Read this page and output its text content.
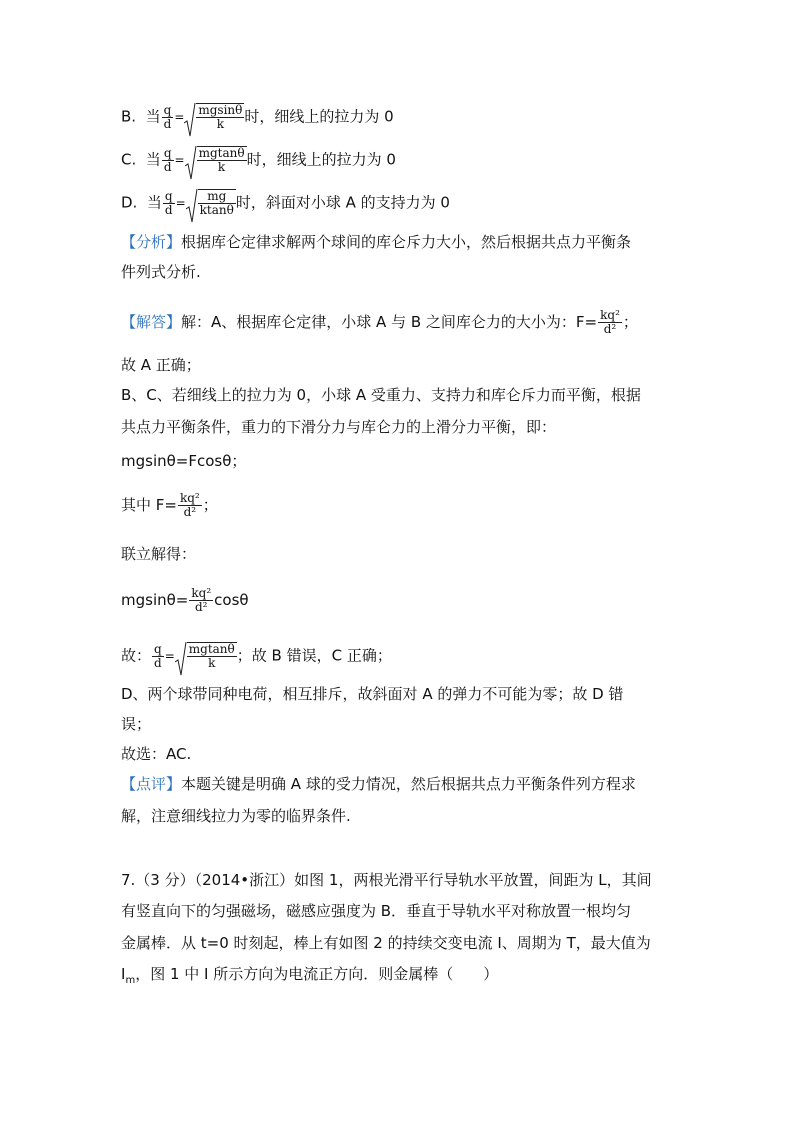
B. 当 $\frac{q}{d} = \frac{mgsin\theta}{k}$ 时，细线上的拉力为 0
C. 当 $\frac{q}{d} = \frac{mgtan\theta}{k}$ 时，细线上的拉力为 0
D. 当 $\frac{q}{d} = \frac{mg}{ktan\theta}$ 时，斜面对小球 A 的支持力为 0
【分析】根据库仑定律求解两个球间的库仑斥力大小，然后根据共点力平衡条
件列式分析.
【解答】解：A、根据库仑定律，小球 A 与 B 之间库仑力的大小为：$F= \frac{\text{kq²}}{\text{d²}}$ ；
故 A 正确；
B、C、若细线上的拉力为 0，小球 A 受重力、支持力和库仑斥力而平衡，根据
共点力平衡条件，重力的下滑分力与库仑力的上滑分力平衡，即：
mgsinθ=Fcosθ；
其中 $F= \frac{\text{kq²}}{\text{d²}}$ ；
联立解得：
$mgsin\theta= \frac{\text{kq²}}{\text{d²}}$ cosθ
故： $\frac{q}{d} = \frac{mgtan\theta}{k}$ ；故 B 错误，C 正确；
D、两个球带同种电荷，相互排斥，故斜面对 A 的弹力不可能为零；故 D 错
误；
故选：AC.
【点评】本题关键是明确 A 球的受力情况，然后根据共点力平衡条件列方程求
解，注意细线拉力为零的临界条件.
7.（3 分）（2014•浙江）如图 1，两根光滑平行导轨水平放置，间距为 L，其间
有竖直向下的匀强磁场，磁感应强度为 B．垂直于导轨水平对称放置一根均匀
金属棒．从 t=0 时刻起，棒上有如图 2 的持续交变电流 I、周期为 T，最大值为
$I_m$，图 1 中 I 所示方向为电流正方向．则金属棒（　　）
